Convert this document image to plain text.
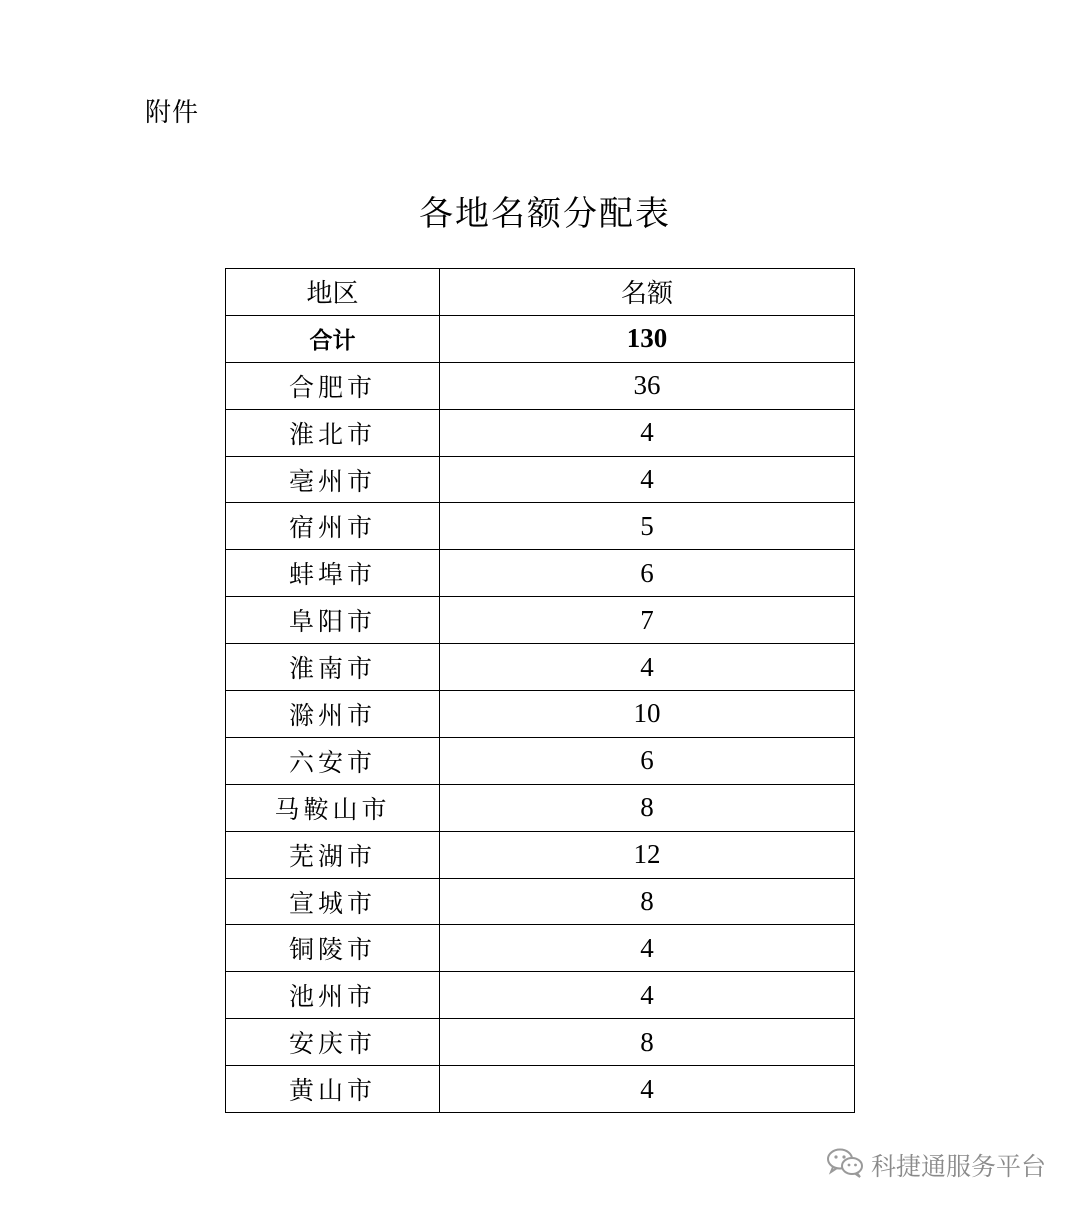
附件
各地名额分配表
地区	名额
合计	130
合肥市	36
淮北市	4
亳州市	4
宿州市	5
蚌埠市	6
阜阳市	7
淮南市	4
滁州市	10
六安市	6
马鞍山市	8
芜湖市	12
宣城市	8
铜陵市	4
池州市	4
安庆市	8
黄山市	4
科捷通服务平台
